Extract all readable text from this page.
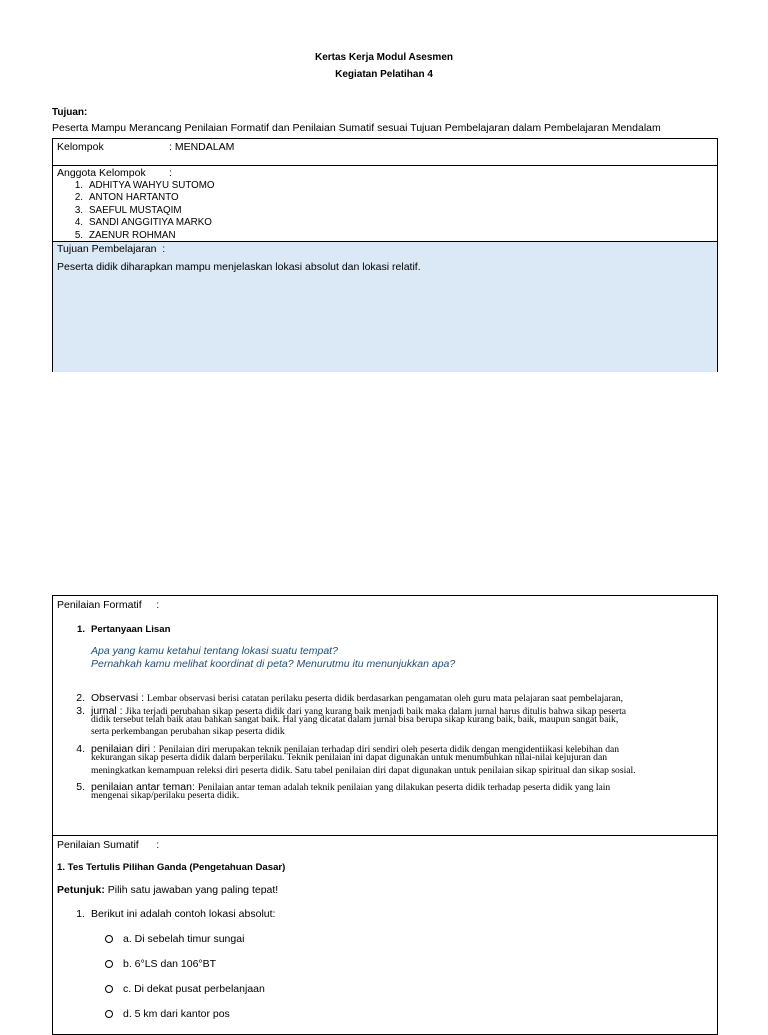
Kertas Kerja Modul Asesmen
Kegiatan Pelatihan 4
Tujuan:
Peserta Mampu Merancang Penilaian Formatif dan Penilaian Sumatif sesuai Tujuan Pembelajaran dalam Pembelajaran Mendalam
Kelompok	: MENDALAM
Anggota Kelompok :
1. ADHITYA WAHYU SUTOMO
2. ANTON HARTANTO
3. SAEFUL MUSTAQIM
4. SANDI ANGGITIYA MARKO
5. ZAENUR ROHMAN
Tujuan Pembelajaran :
Peserta didik diharapkan mampu menjelaskan lokasi absolut dan lokasi relatif.
Penilaian Formatif :
1. Pertanyaan Lisan
Apa yang kamu ketahui tentang lokasi suatu tempat?
Pernahkah kamu melihat koordinat di peta? Menurutmu itu menunjukkan apa?
2. Observasi : Lembar observasi berisi catatan perilaku peserta didik berdasarkan pengamatan oleh guru mata pelajaran saat pembelajaran,
3. jurnal : Jika terjadi perubahan sikap peserta didik dari yang kurang baik menjadi baik maka dalam jurnal harus ditulis bahwa sikap peserta
didik tersebut telah baik atau bahkan sangat baik. Hal yang dicatat dalam jurnal bisa berupa sikap kurang baik, baik, maupun sangat baik,
serta perkembangan perubahan sikap peserta didik
4. penilaian diri : Penilaian diri merupakan teknik penilaian terhadap diri sendiri oleh peserta didik dengan mengidentiikasi kelebihan dan
kekurangan sikap peserta didik dalam berperilaku. Teknik penilaian ini dapat digunakan untuk menumbuhkan nilai-nilai kejujuran dan
meningkatkan kemampuan releksi diri peserta didik. Satu tabel penilaian diri dapat digunakan untuk penilaian sikap spiritual dan sikap sosial.
5. penilaian antar teman: Penilaian antar teman adalah teknik penilaian yang dilakukan peserta didik terhadap peserta didik yang lain
mengenai sikap/perilaku peserta didik.
Penilaian Sumatif :
1. Tes Tertulis Pilihan Ganda (Pengetahuan Dasar)
Petunjuk: Pilih satu jawaban yang paling tepat!
1. Berikut ini adalah contoh lokasi absolut:
a. Di sebelah timur sungai
b. 6°LS dan 106°BT
c. Di dekat pusat perbelanjaan
d. 5 km dari kantor pos
